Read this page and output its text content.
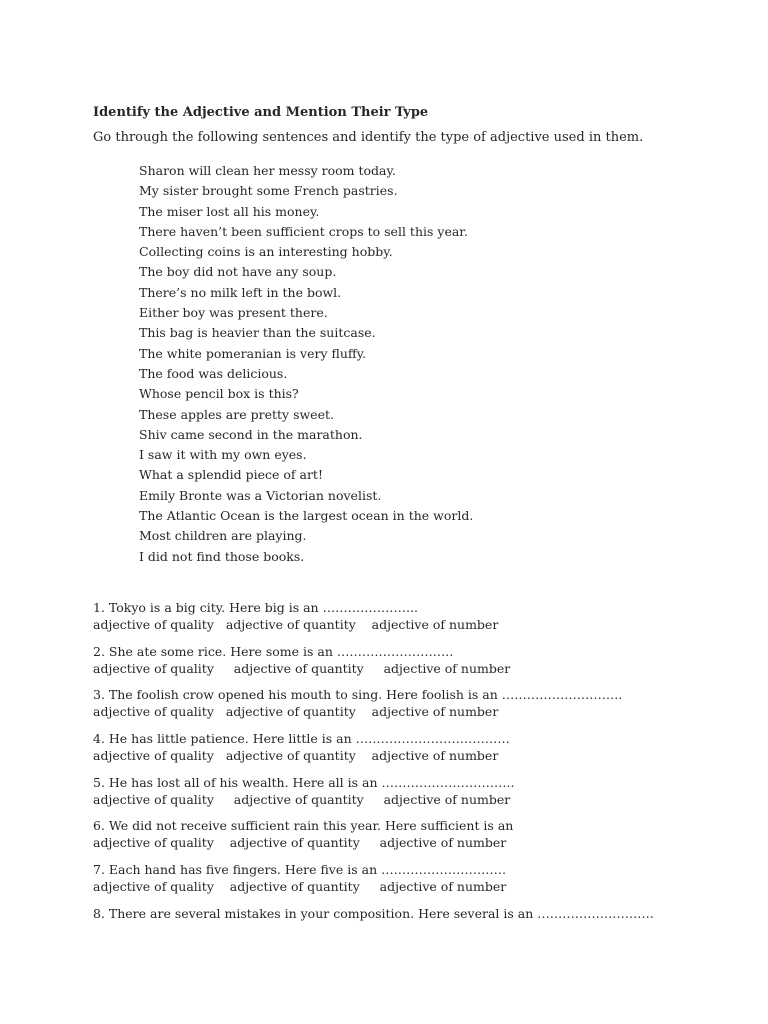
Identify the Adjective and Mention Their Type
Go through the following sentences and identify the type of adjective used in them.
Sharon will clean her messy room today.
My sister brought some French pastries.
The miser lost all his money.
There haven’t been sufficient crops to sell this year.
Collecting coins is an interesting hobby.
The boy did not have any soup.
There’s no milk left in the bowl.
Either boy was present there.
This bag is heavier than the suitcase.
The white pomeranian is very fluffy.
The food was delicious.
Whose pencil box is this?
These apples are pretty sweet.
Shiv came second in the marathon.
I saw it with my own eyes.
What a splendid piece of art!
Emily Bronte was a Victorian novelist.
The Atlantic Ocean is the largest ocean in the world.
Most children are playing.
I did not find those books.
1. Tokyo is a big city. Here big is an …………………..
adjective of quality   adjective of quantity    adjective of number
2. She ate some rice. Here some is an ……………………….
adjective of quality     adjective of quantity     adjective of number
3. The foolish crow opened his mouth to sing. Here foolish is an ………………………..
adjective of quality   adjective of quantity    adjective of number
4. He has little patience. Here little is an ……………………………….
adjective of quality   adjective of quantity    adjective of number
5. He has lost all of his wealth. Here all is an …………………………..
adjective of quality     adjective of quantity     adjective of number
6. We did not receive sufficient rain this year. Here sufficient is an
adjective of quality    adjective of quantity     adjective of number
7. Each hand has five fingers. Here five is an …………………………
adjective of quality    adjective of quantity     adjective of number
8. There are several mistakes in your composition. Here several is an ……………………….
